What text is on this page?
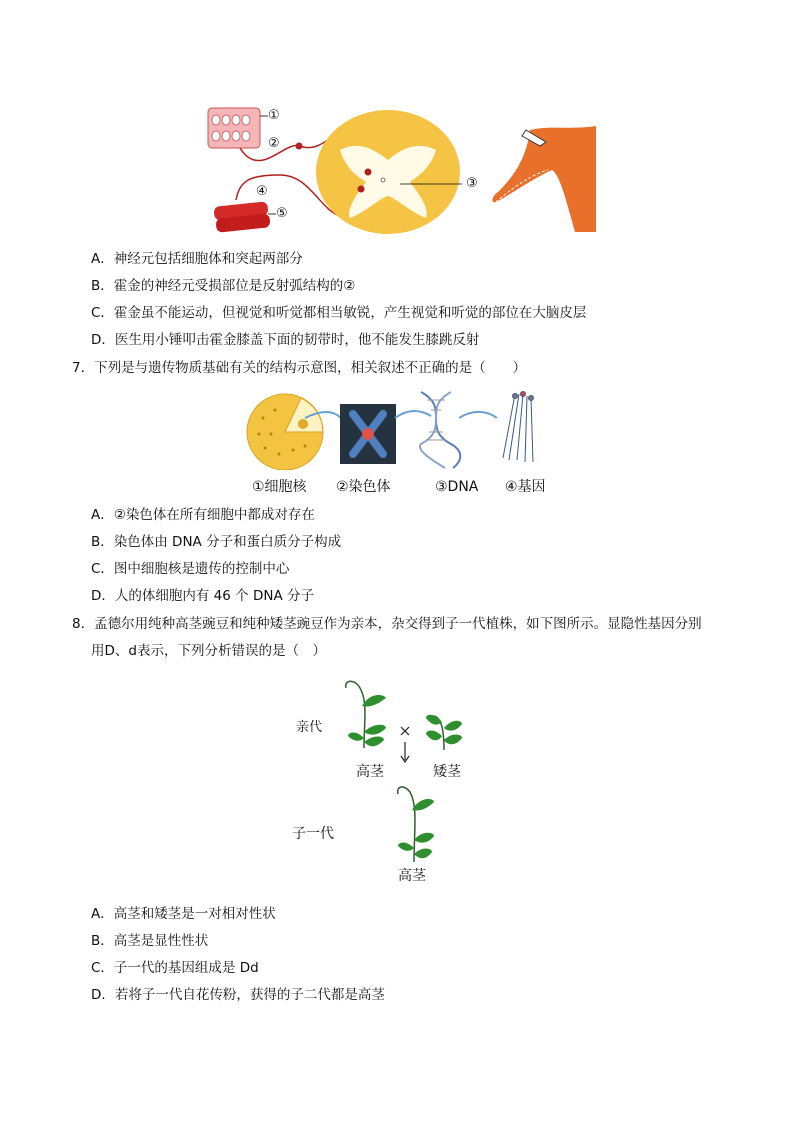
①
②
③
④
⑤
A．神经元包括细胞体和突起两部分
B．霍金的神经元受损部位是反射弧结构的②
C．霍金虽不能运动，但视觉和听觉都相当敏锐，产生视觉和听觉的部位在大脑皮层
D．医生用小锤叩击霍金膝盖下面的韧带时，他不能发生膝跳反射
7．下列是与遗传物质基础有关的结构示意图，相关叙述不正确的是（　　）
①细胞核 ②染色体	③DNA ④基因
A．②染色体在所有细胞中都成对存在
B．染色体由 DNA 分子和蛋白质分子构成
C．图中细胞核是遗传的控制中心
D．人的体细胞内有 46 个 DNA 分子
8．孟德尔用纯种高茎豌豆和纯种矮茎豌豆作为亲本，杂交得到子一代植株，如下图所示。显隐性基因分别
用D、d表示，下列分析错误的是（　）
亲代
高茎	矮茎
子一代
高茎
A．高茎和矮茎是一对相对性状
B．高茎是显性性状
C．子一代的基因组成是 Dd
D．若将子一代自花传粉，获得的子二代都是高茎
